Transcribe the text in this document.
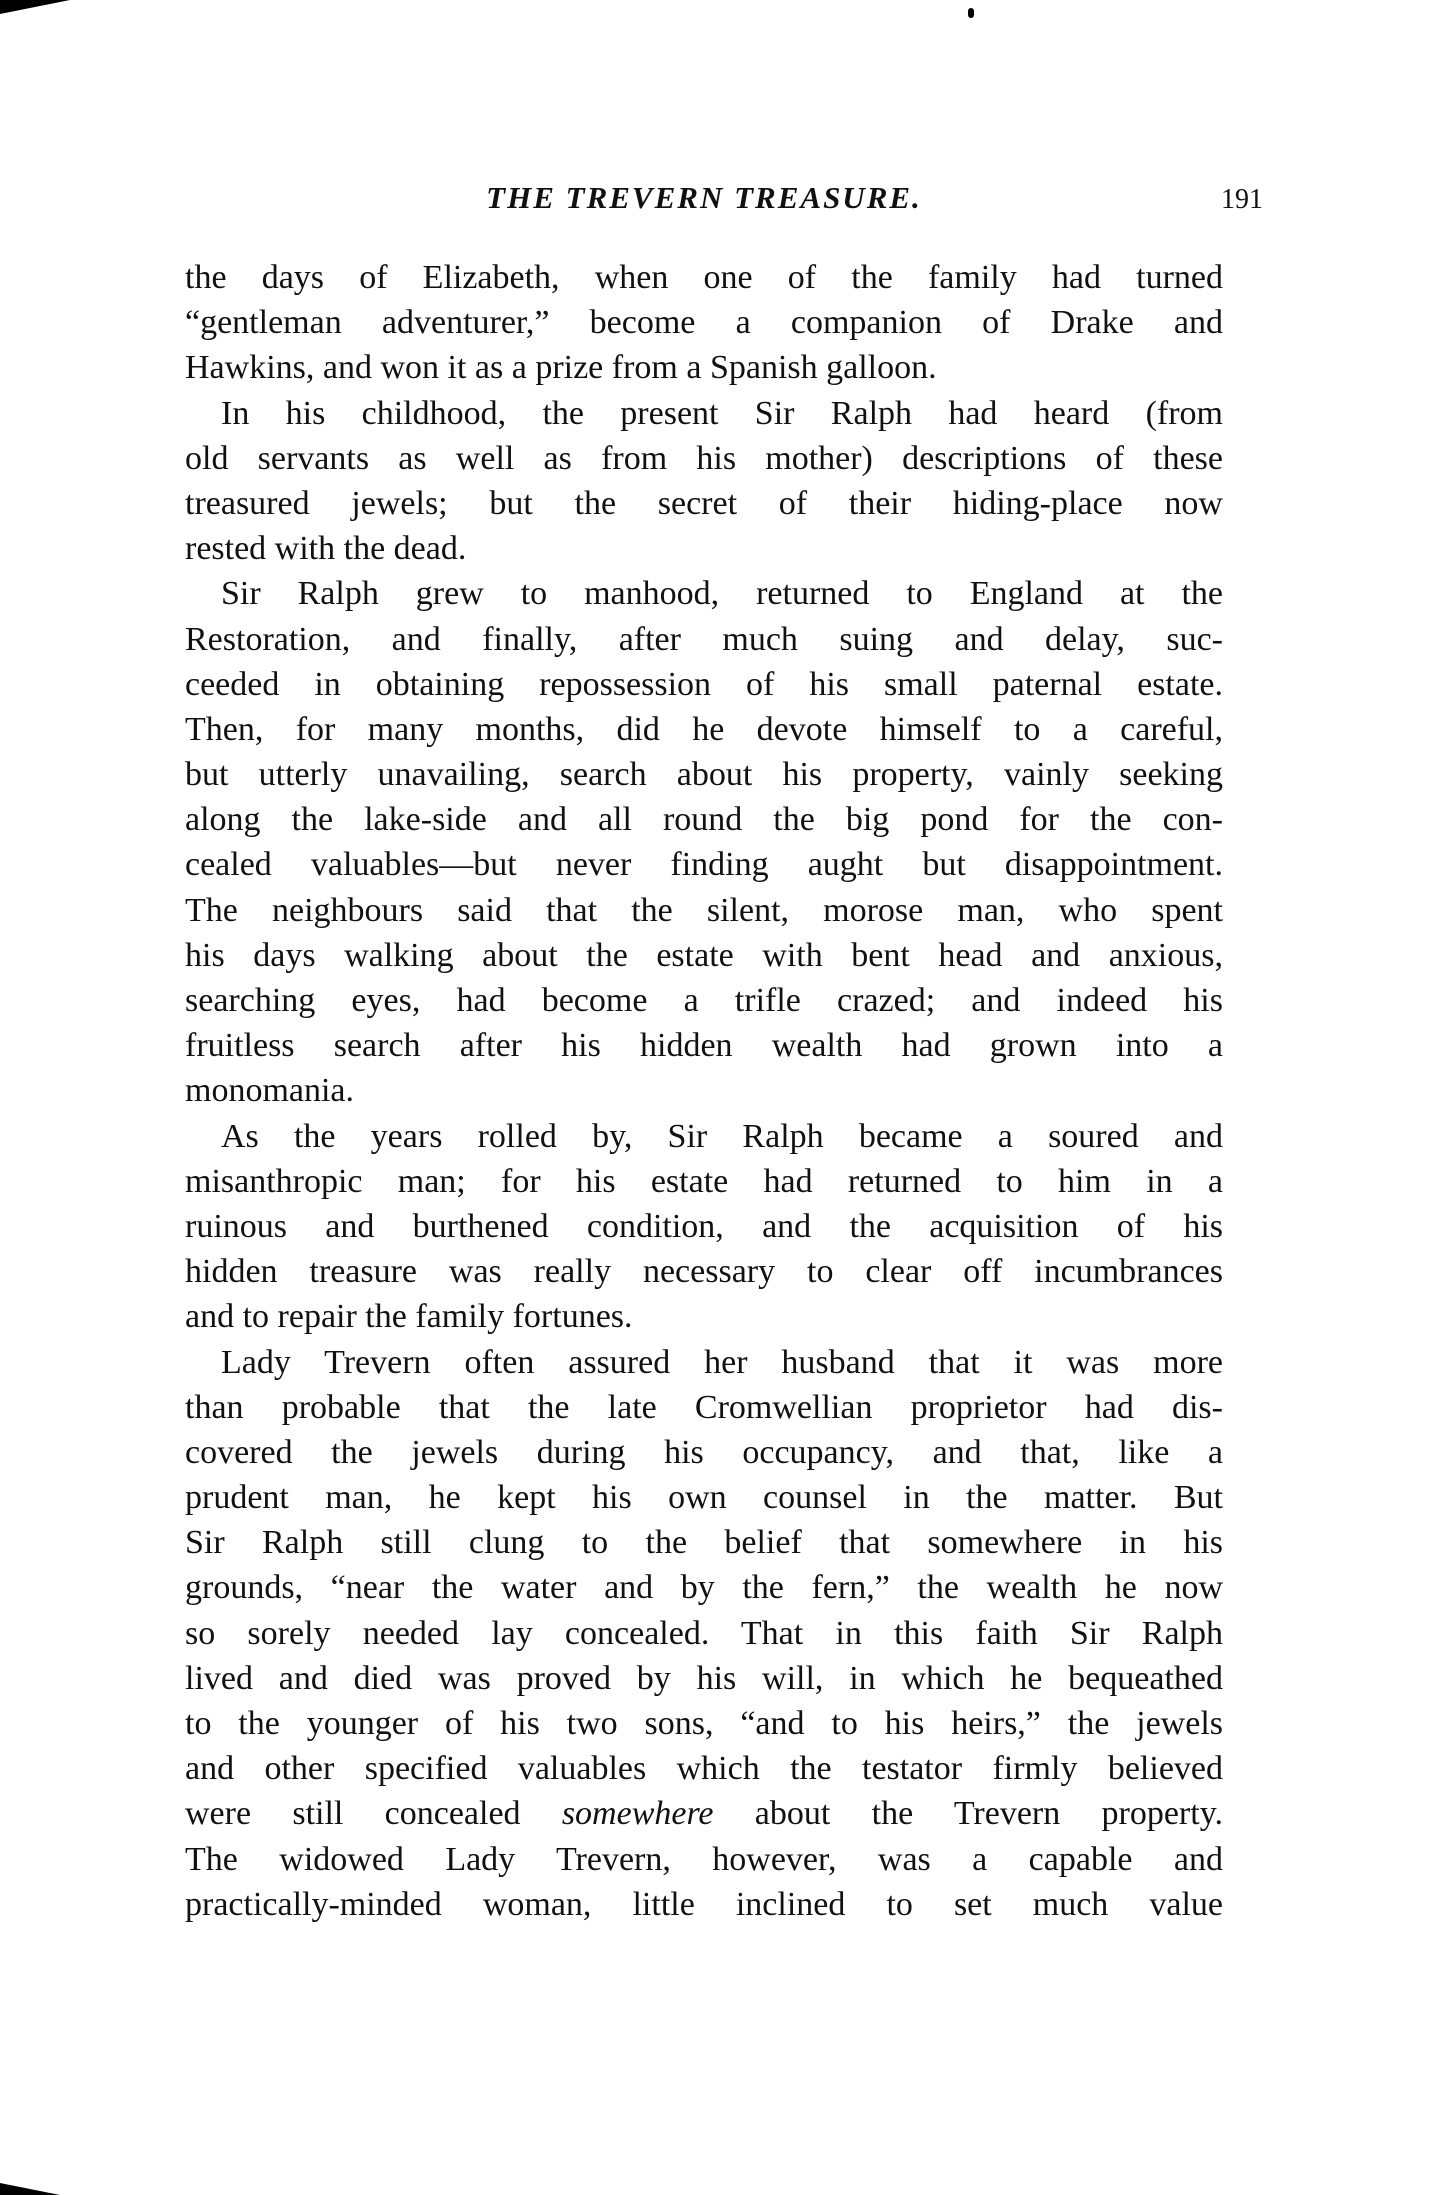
THE TREVERN TREASURE.	191
the days of Elizabeth, when one of the family had turned
“gentleman adventurer,” become a companion of Drake and
Hawkins, and won it as a prize from a Spanish galloon.
In his childhood, the present Sir Ralph had heard (from
old servants as well as from his mother) descriptions of these
treasured jewels; but the secret of their hiding-place now
rested with the dead.
Sir Ralph grew to manhood, returned to England at the
Restoration, and finally, after much suing and delay, suc-
ceeded in obtaining repossession of his small paternal estate.
Then, for many months, did he devote himself to a careful,
but utterly unavailing, search about his property, vainly seeking
along the lake-side and all round the big pond for the con-
cealed valuables—but never finding aught but disappointment.
The neighbours said that the silent, morose man, who spent
his days walking about the estate with bent head and anxious,
searching eyes, had become a trifle crazed; and indeed his
fruitless search after his hidden wealth had grown into a
monomania.
As the years rolled by, Sir Ralph became a soured and
misanthropic man; for his estate had returned to him in a
ruinous and burthened condition, and the acquisition of his
hidden treasure was really necessary to clear off incumbrances
and to repair the family fortunes.
Lady Trevern often assured her husband that it was more
than probable that the late Cromwellian proprietor had dis-
covered the jewels during his occupancy, and that, like a
prudent man, he kept his own counsel in the matter. But
Sir Ralph still clung to the belief that somewhere in his
grounds, “near the water and by the fern,” the wealth he now
so sorely needed lay concealed. That in this faith Sir Ralph
lived and died was proved by his will, in which he bequeathed
to the younger of his two sons, “and to his heirs,” the jewels
and other specified valuables which the testator firmly believed
were still concealed somewhere about the Trevern property.
The widowed Lady Trevern, however, was a capable and
practically-minded woman, little inclined to set much value
